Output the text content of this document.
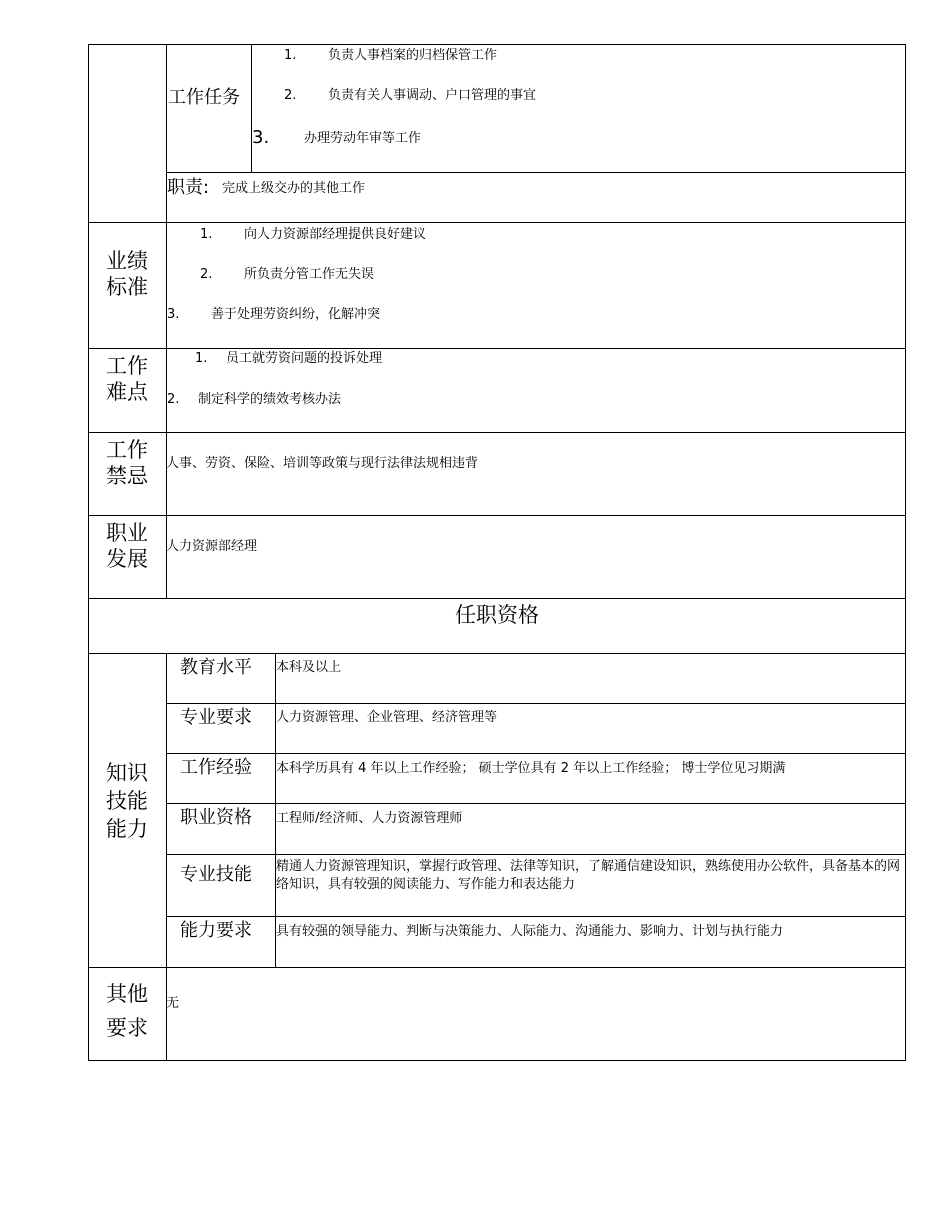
工作任务
1. 负责人事档案的归档保管工作
2. 负责有关人事调动、户口管理的事宜
3.	办理劳动年审等工作
职责: 完成上级交办的其他工作
业绩
标准
1. 向人力资源部经理提供良好建议
2. 所负责分管工作无失误
3. 善于处理劳资纠纷，化解冲突
工作
难点
1. 员工就劳资问题的投诉处理
2. 制定科学的绩效考核办法
工作
禁忌
人事、劳资、保险、培训等政策与现行法律法规相违背
职业
发展
人力资源部经理
任职资格
知识
技能
能力
教育水平 本科及以上
专业要求 人力资源管理、企业管理、经济管理等
工作经验 本科学历具有 4 年以上工作经验； 硕士学位具有 2 年以上工作经验； 博士学位见习期满
职业资格 工程师/经济师、人力资源管理师
专业技能 精通人力资源管理知识，掌握行政管理、法律等知识，了解通信建设知识，熟练使用办公软件，具备基本的网络知识，具有较强的阅读能力、写作能力和表达能力
能力要求 具有较强的领导能力、判断与决策能力、人际能力、沟通能力、影响力、计划与执行能力
其他
要求
无
